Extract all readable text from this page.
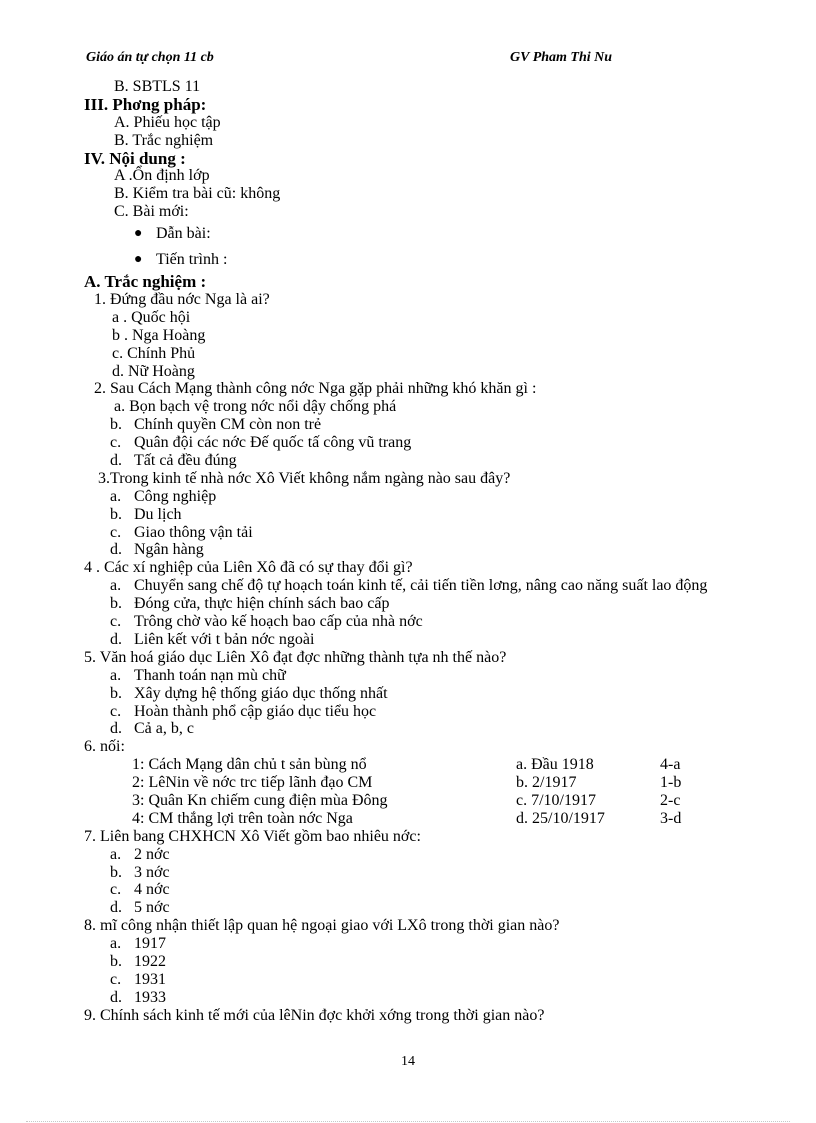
Giáo án tự chọn 11 cb	GV Pham Thi Nu
B. SBTLS 11
III. Phơng pháp:
A. Phiếu học tập
B. Trắc nghiệm
IV. Nội dung :
A .Ổn định lớp
B. Kiểm tra bài cũ: không
C. Bài mới:
● Dẫn bài:
● Tiến trình :
A. Trắc nghiệm :
1. Đứng đầu nớc Nga là ai?
a . Quốc hội
b . Nga Hoàng
c. Chính Phủ
d. Nữ Hoàng
2. Sau Cách Mạng thành công nớc Nga gặp phải những khó khăn gì :
a. Bọn bạch vệ trong nớc nổi dậy chống phá
b. Chính quyền CM còn non trẻ
c. Quân đội các nớc Đế quốc tấ công vũ trang
d. Tất cả đều đúng
3.Trong kinh tế nhà nớc Xô Viết không nắm ngàng nào sau đây?
a. Công nghiệp
b. Du lịch
c. Giao thông vận tải
d. Ngân hàng
4 . Các xí nghiệp của Liên Xô đã có sự thay đổi gì?
a. Chuyển sang chế độ tự hoạch toán kinh tế, cải tiến tiền lơng, nâng cao năng suất lao động
b. Đóng cửa, thực hiện chính sách bao cấp
c. Trông chờ vào kế hoạch bao cấp của nhà nớc
d. Liên kết với t bản nớc ngoài
5. Văn hoá giáo dục Liên Xô đạt đợc những thành tựa nh thế nào?
a. Thanh toán nạn mù chữ
b. Xây dựng hệ thống giáo dục thống nhất
c. Hoàn thành phổ cập giáo dục tiểu học
d. Cả a, b, c
6. nối:
1: Cách Mạng dân chủ t sản bùng nổ	a. Đầu 1918	4-a
2: LêNin về nớc trc tiếp lãnh đạo CM	b. 2/1917	1-b
3: Quân Kn chiếm cung điện mùa Đông	c. 7/10/1917	2-c
4: CM thắng lợi trên toàn nớc Nga	d. 25/10/1917	3-d
7. Liên bang CHXHCN Xô Viết gồm bao nhiêu nớc:
a. 2 nớc
b. 3 nớc
c. 4 nớc
d. 5 nớc
8. mĩ công nhận thiết lập quan hệ ngoại giao với LXô trong thời gian nào?
a. 1917
b. 1922
c. 1931
d. 1933
9. Chính sách kinh tế mới của lêNin đợc khởi xớng trong thời gian nào?
14
